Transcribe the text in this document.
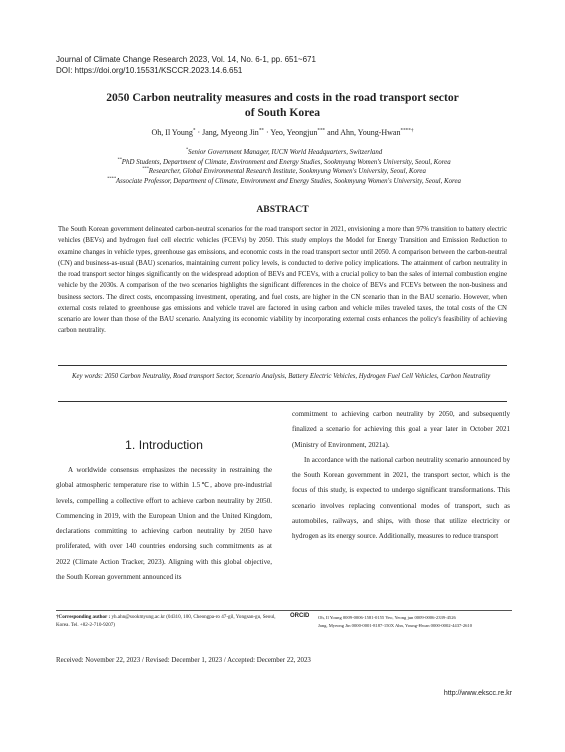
Journal of Climate Change Research 2023, Vol. 14, No. 6-1, pp. 651~671
DOI: https://doi.org/10.15531/KSCCR.2023.14.6.651
2050 Carbon neutrality measures and costs in the road transport sector
of South Korea
Oh, Il Young* · Jang, Myeong Jin** · Yeo, Yeongjun*** and Ahn, Young-Hwan****†
*Senior Government Manager, IUCN World Headquarters, Switzerland
**PhD Students, Department of Climate, Environment and Energy Studies, Sookmyung Women's University, Seoul, Korea
***Researcher, Global Environmental Research Institute, Sookmyung Women's University, Seoul, Korea
****Associate Professor, Department of Climate, Environment and Energy Studies, Sookmyung Women's University, Seoul, Korea
ABSTRACT
The South Korean government delineated carbon-neutral scenarios for the road transport sector in 2021, envisioning a more than 97% transition to battery electric vehicles (BEVs) and hydrogen fuel cell electric vehicles (FCEVs) by 2050. This study employs the Model for Energy Transition and Emission Reduction to examine changes in vehicle types, greenhouse gas emissions, and economic costs in the road transport sector until 2050. A comparison between the carbon-neutral (CN) and business-as-usual (BAU) scenarios, maintaining current policy levels, is conducted to derive policy implications. The attainment of carbon neutrality in the road transport sector hinges significantly on the widespread adoption of BEVs and FCEVs, with a crucial policy to ban the sales of internal combustion engine vehicle by the 2030s. A comparison of the two scenarios highlights the significant differences in the choice of BEVs and FCEVs between the non-business and business sectors. The direct costs, encompassing investment, operating, and fuel costs, are higher in the CN scenario than in the BAU scenario. However, when external costs related to greenhouse gas emissions and vehicle travel are factored in using carbon and vehicle miles traveled taxes, the total costs of the CN scenario are lower than those of the BAU scenario. Analyzing its economic viability by incorporating external costs enhances the policy's feasibility of achieving carbon neutrality.
Key words: 2050 Carbon Neutrality, Road transport Sector, Scenario Analysis, Battery Electric Vehicles, Hydrogen Fuel Cell Vehicles, Carbon Neutrality
1. Introduction

A worldwide consensus emphasizes the necessity in restraining the global atmospheric temperature rise to within 1.5℃, above pre-industrial levels, compelling a collective effort to achieve carbon neutrality by 2050. Commencing in 2019, with the European Union and the United Kingdom, declarations committing to achieving carbon neutrality by 2050 have proliferated, with over 140 countries endorsing such commitments as at 2022 (Climate Action Tracker, 2023). Aligning with this global objective, the South Korean government announced its

commitment to achieving carbon neutrality by 2050, and subsequently finalized a scenario for achieving this goal a year later in October 2021 (Ministry of Environment, 2021a).

In accordance with the national carbon neutrality scenario announced by the South Korean government in 2021, the transport sector, which is the focus of this study, is expected to undergo significant transformations. This scenario involves replacing conventional modes of transport, such as automobiles, railways, and ships, with those that utilize electricity or hydrogen as its energy source. Additionally, measures to reduce transport

†Corresponding author : yh.ahn@sookmyung.ac.kr (04310, 100, Cheongpa-ro 47-gil, Yongsan-gu, Seoul, Korea. Tel. +82-2-710-9207)
ORCID Oh, Il Young 0009-0006-1581-0155 Yeo, Yeong jun 0009-0006-2339-4526
Jang, Myeong Jin 0000-0001-8187-150X Ahn, Young-Hwan 0000-0002-4437-2610
Received: November 22, 2023 / Revised: December 1, 2023 / Accepted: December 22, 2023
http://www.ekscc.re.kr
